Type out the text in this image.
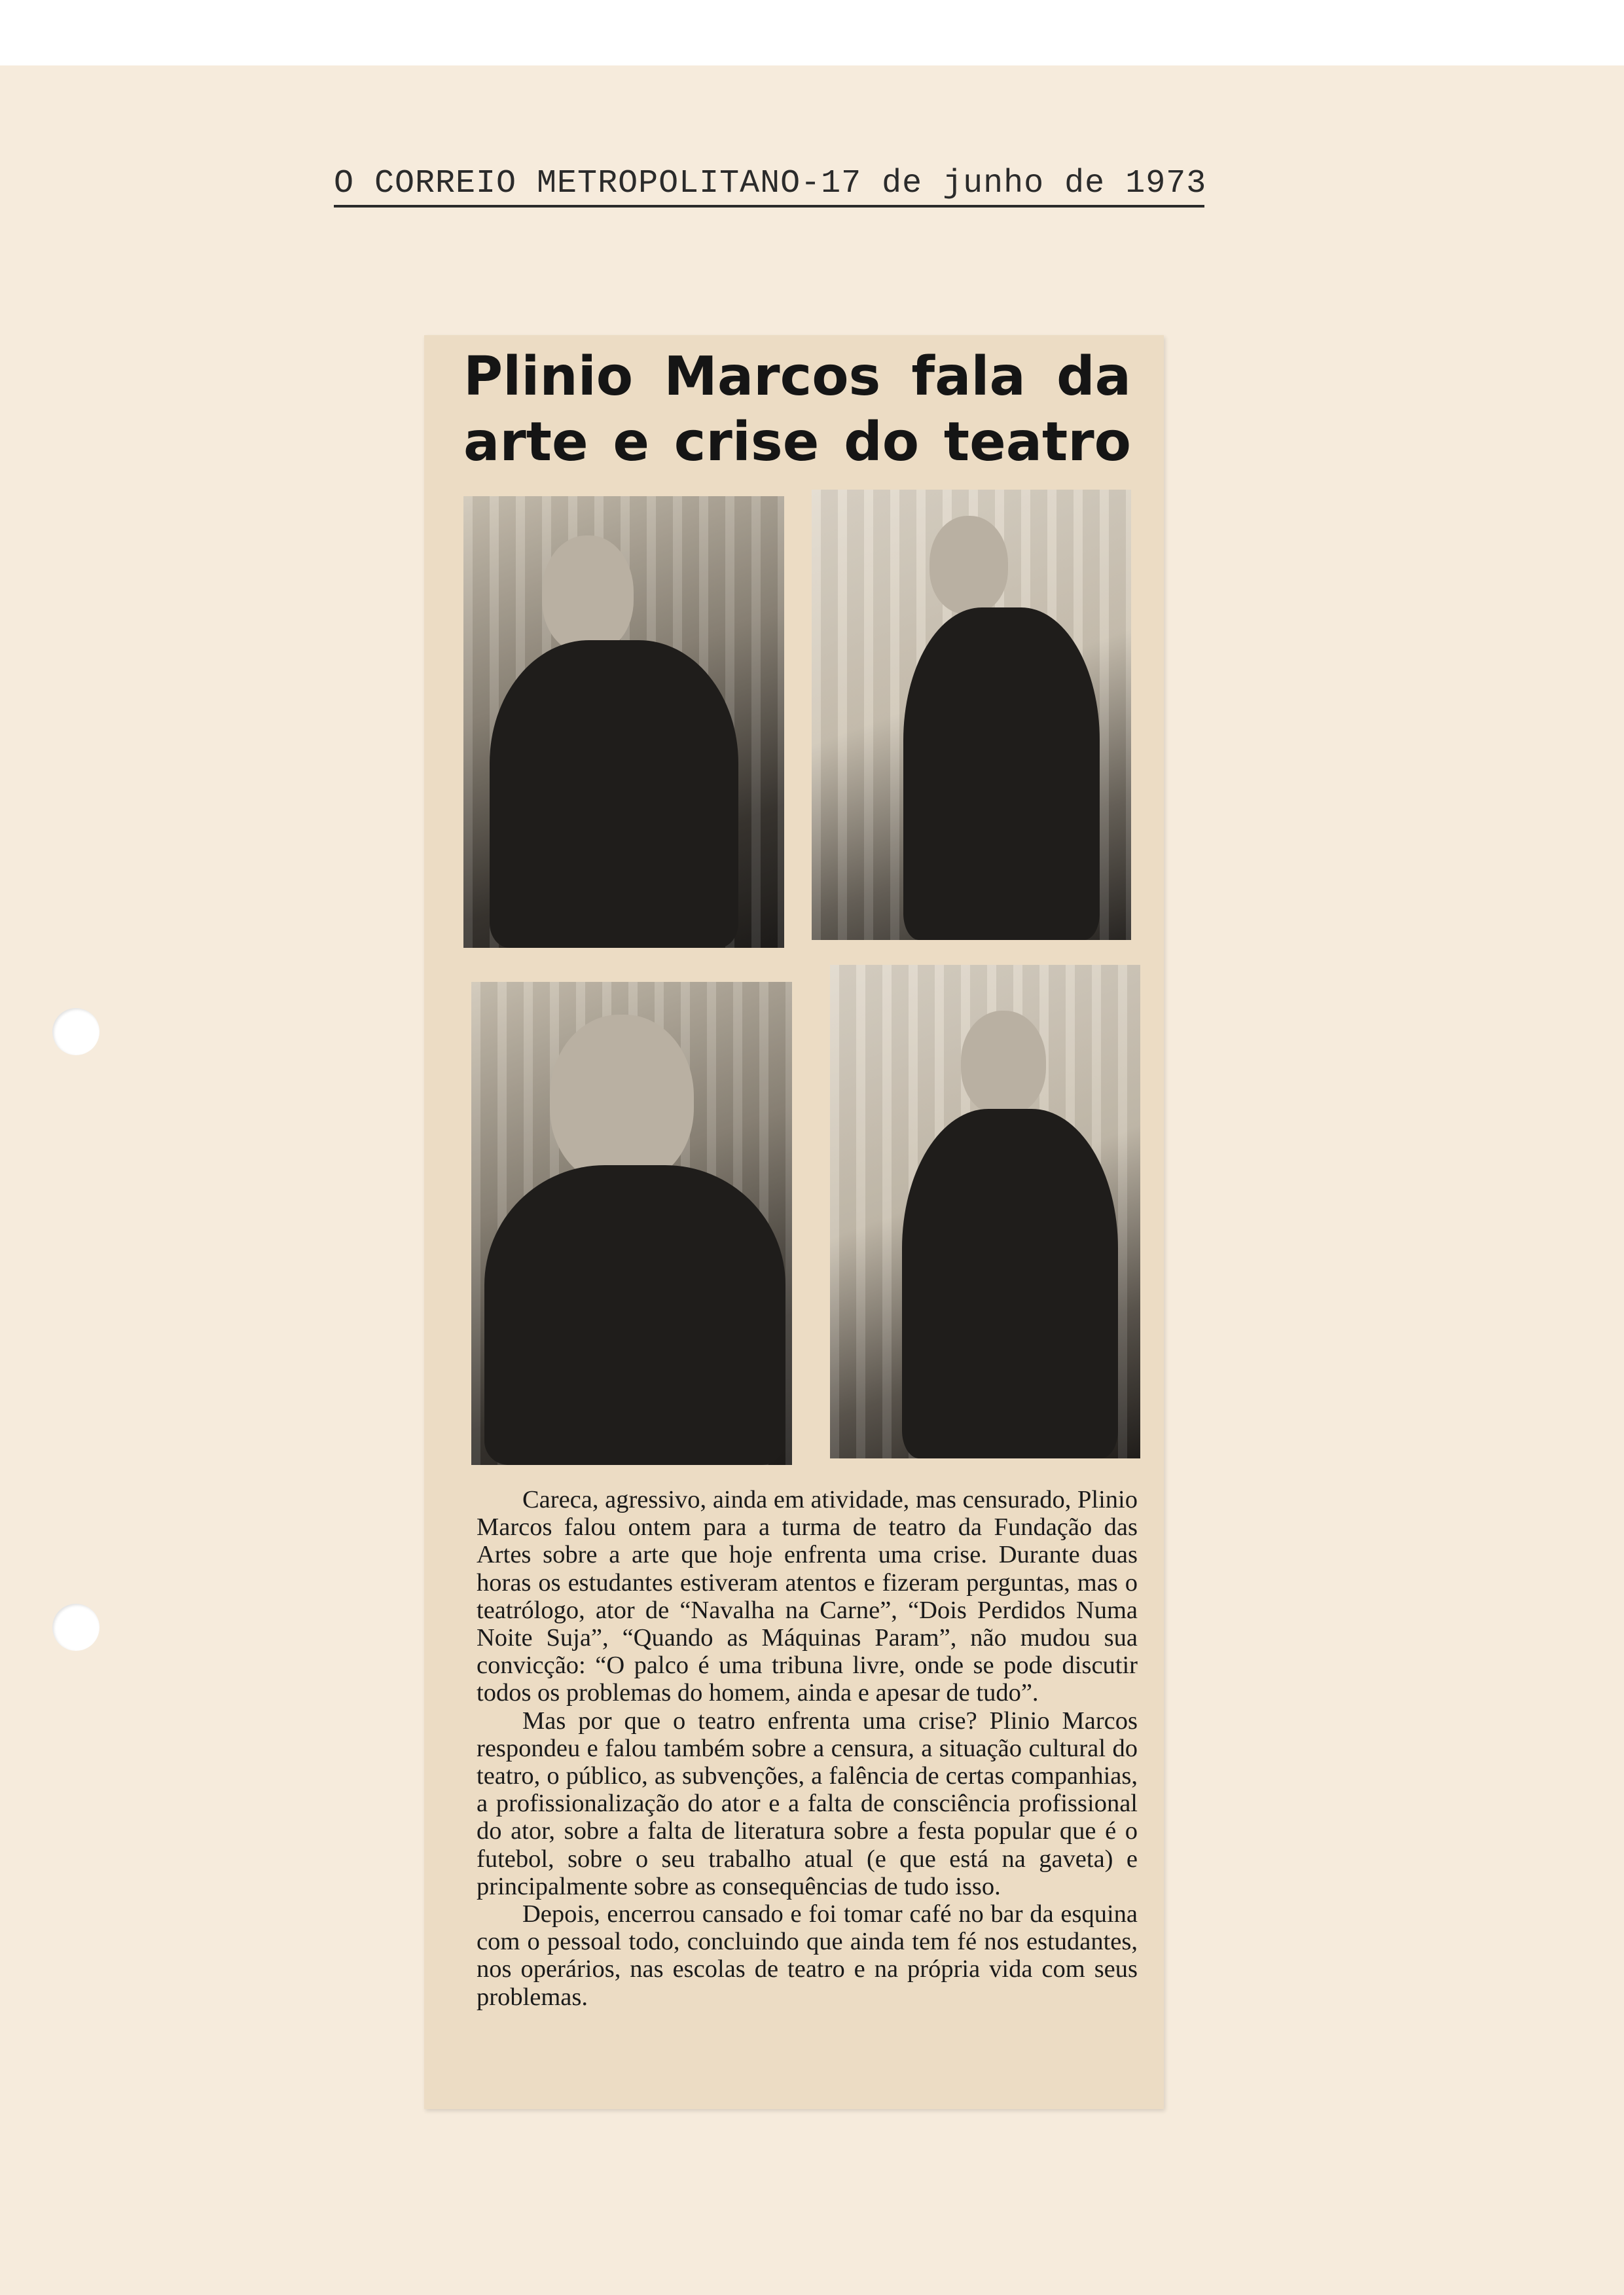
O CORREIO METROPOLITANO-17 de junho de 1973
Plinio Marcos fala da
arte e crise do teatro

Careca, agressivo, ainda em atividade, mas censurado, Plinio Marcos falou ontem para a turma de teatro da Fundação das Artes sobre a arte que hoje enfrenta uma crise. Durante duas horas os estudantes estiveram atentos e fizeram perguntas, mas o teatrólogo, ator de “Navalha na Carne”, “Dois Perdidos Numa Noite Suja”, “Quando as Máquinas Param”, não mudou sua convicção: “O palco é uma tribuna livre, onde se pode discutir todos os problemas do homem, ainda e apesar de tudo”.

Mas por que o teatro enfrenta uma crise? Plinio Marcos respondeu e falou também sobre a censura, a situação cultural do teatro, o público, as subvenções, a falência de certas companhias, a profissionalização do ator e a falta de consciência profissional do ator, sobre a falta de literatura sobre a festa popular que é o futebol, sobre o seu trabalho atual (e que está na gaveta) e principalmente sobre as consequências de tudo isso.

Depois, encerrou cansado e foi tomar café no bar da esquina com o pessoal todo, concluindo que ainda tem fé nos estudantes, nos operários, nas escolas de teatro e na própria vida com seus problemas.
